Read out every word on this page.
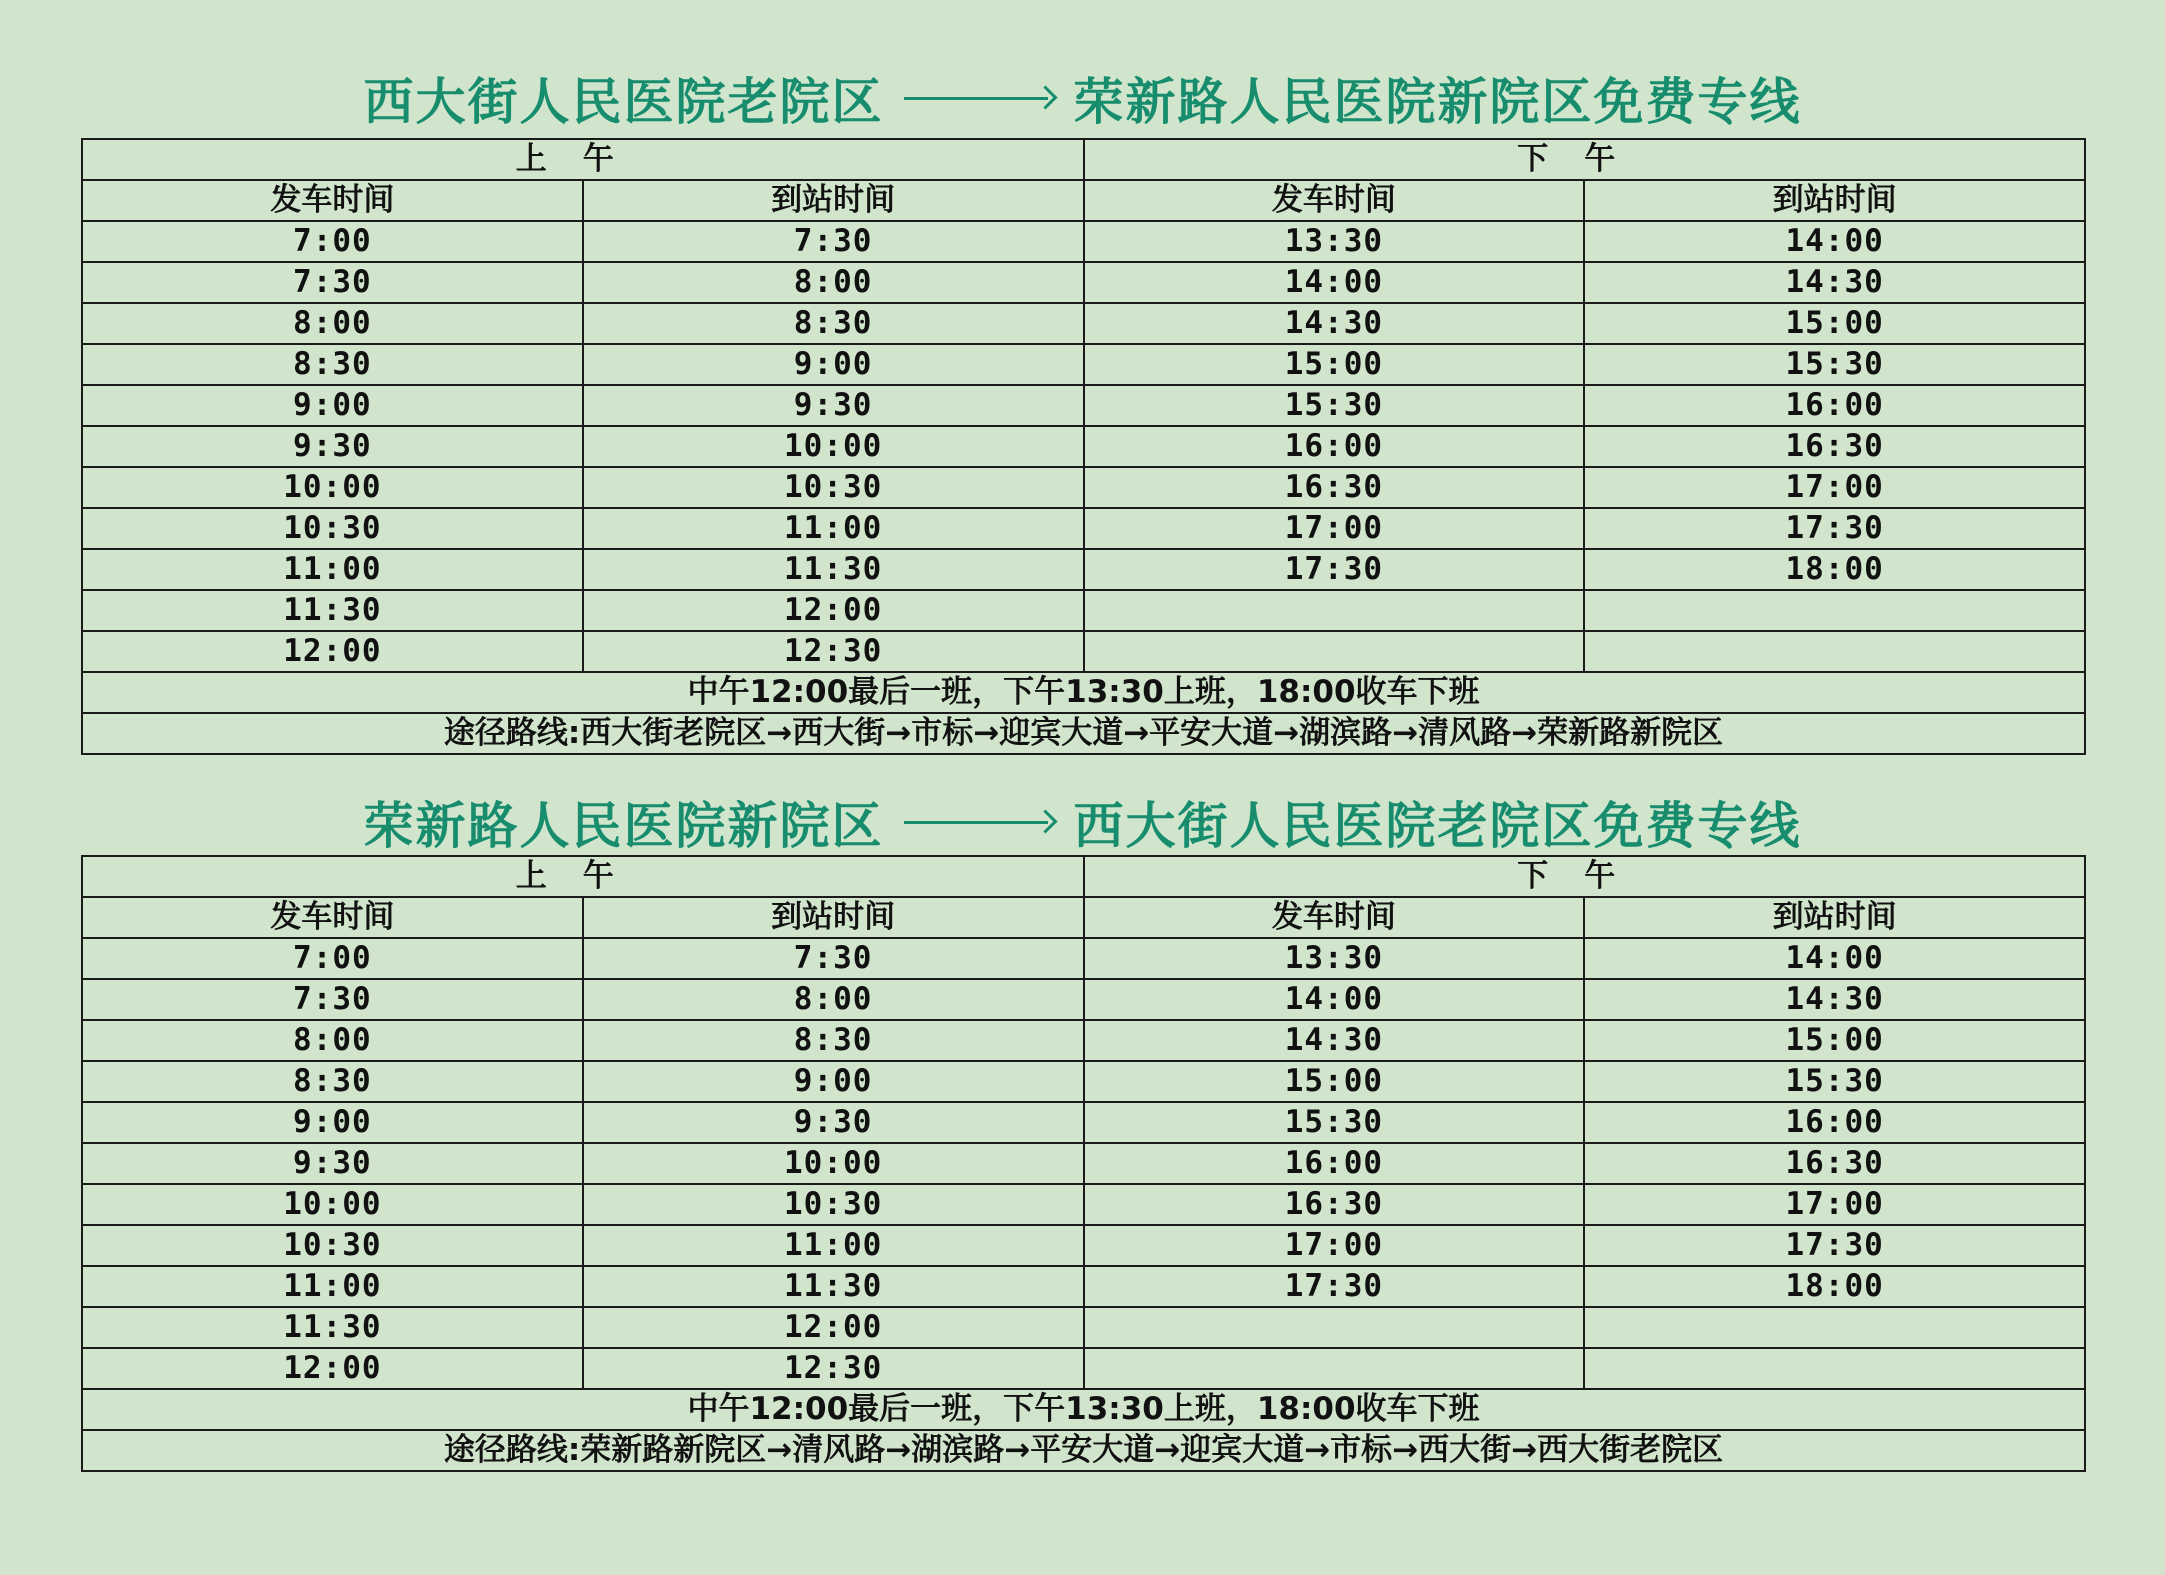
西大街人民医院老院区	荣新路人民医院新院区免费专线
上午		下午	
发车时间	到站时间	发车时间	到站时间
7:00	7:30	13:30	14:00
7:30	8:00	14:00	14:30
8:00	8:30	14:30	15:00
8:30	9:00	15:00	15:30
9:00	9:30	15:30	16:00
9:30	10:00	16:00	16:30
10:00	10:30	16:30	17:00
10:30	11:00	17:00	17:30
11:00	11:30	17:30	18:00
11:30	12:00		
12:00	12:30		
中午12:00最后一班，下午13:30上班，18:00收车下班			
途径路线:西大街老院区→西大街→市标→迎宾大道→平安大道→湖滨路→清风路→荣新路新院区			
荣新路人民医院新院区	西大街人民医院老院区免费专线
上午		下午	
发车时间	到站时间	发车时间	到站时间
7:00	7:30	13:30	14:00
7:30	8:00	14:00	14:30
8:00	8:30	14:30	15:00
8:30	9:00	15:00	15:30
9:00	9:30	15:30	16:00
9:30	10:00	16:00	16:30
10:00	10:30	16:30	17:00
10:30	11:00	17:00	17:30
11:00	11:30	17:30	18:00
11:30	12:00		
12:00	12:30		
中午12:00最后一班，下午13:30上班，18:00收车下班			
途径路线:荣新路新院区→清风路→湖滨路→平安大道→迎宾大道→市标→西大街→西大街老院区			
